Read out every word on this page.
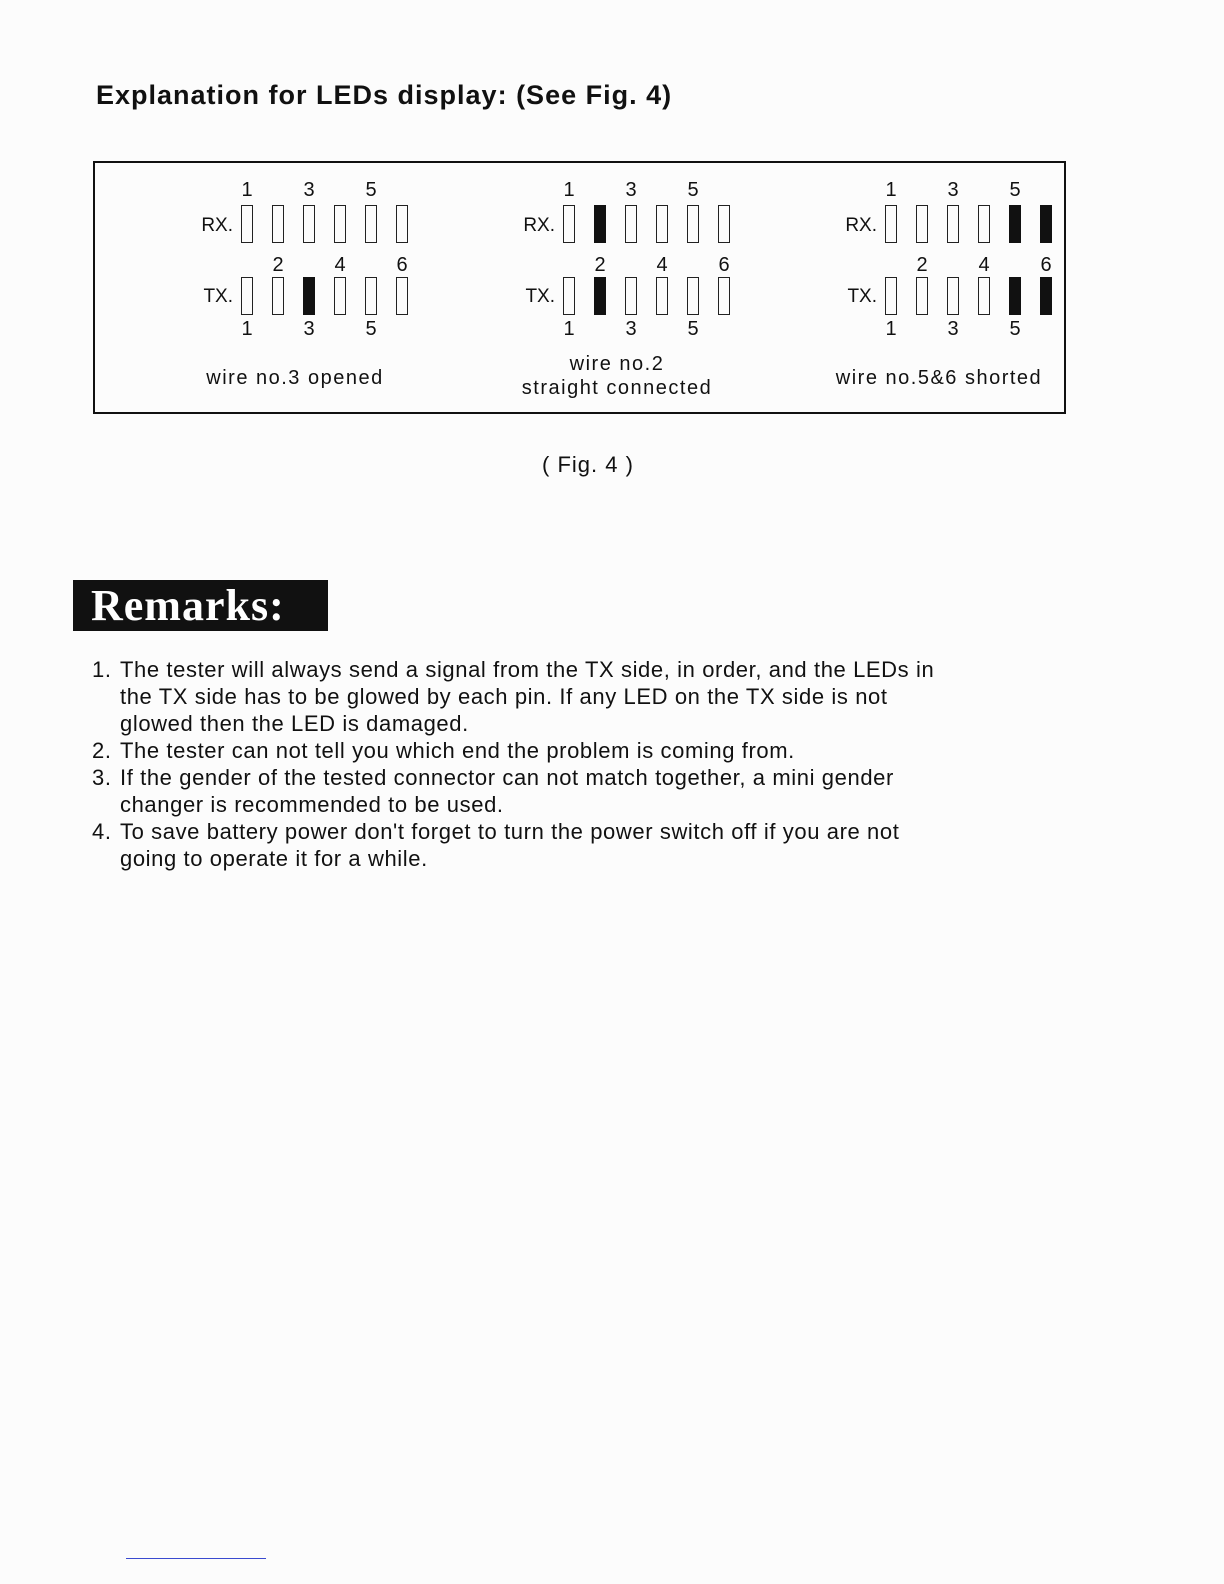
Explanation for LEDs display: (See Fig. 4)
1	3	5
RX.
2	4	6
TX.
1	3	5
wire no.3 opened
1	3	5
RX.
2	4	6
TX.
1	3	5
wire no.2
straight connected
1	3	5
RX.
2	4	6
TX.
1	3	5
wire no.5&6 shorted
( Fig. 4 )
Remarks:
1. The tester will always send a signal from the TX side, in order, and the LEDs in
the TX side has to be glowed by each pin. If any LED on the TX side is not
glowed then the LED is damaged.
2. The tester can not tell you which end the problem is coming from.
3. If the gender of the tested connector can not match together, a mini gender
changer is recommended to be used.
4. To save battery power don't forget to turn the power switch off if you are not
going to operate it for a while.
